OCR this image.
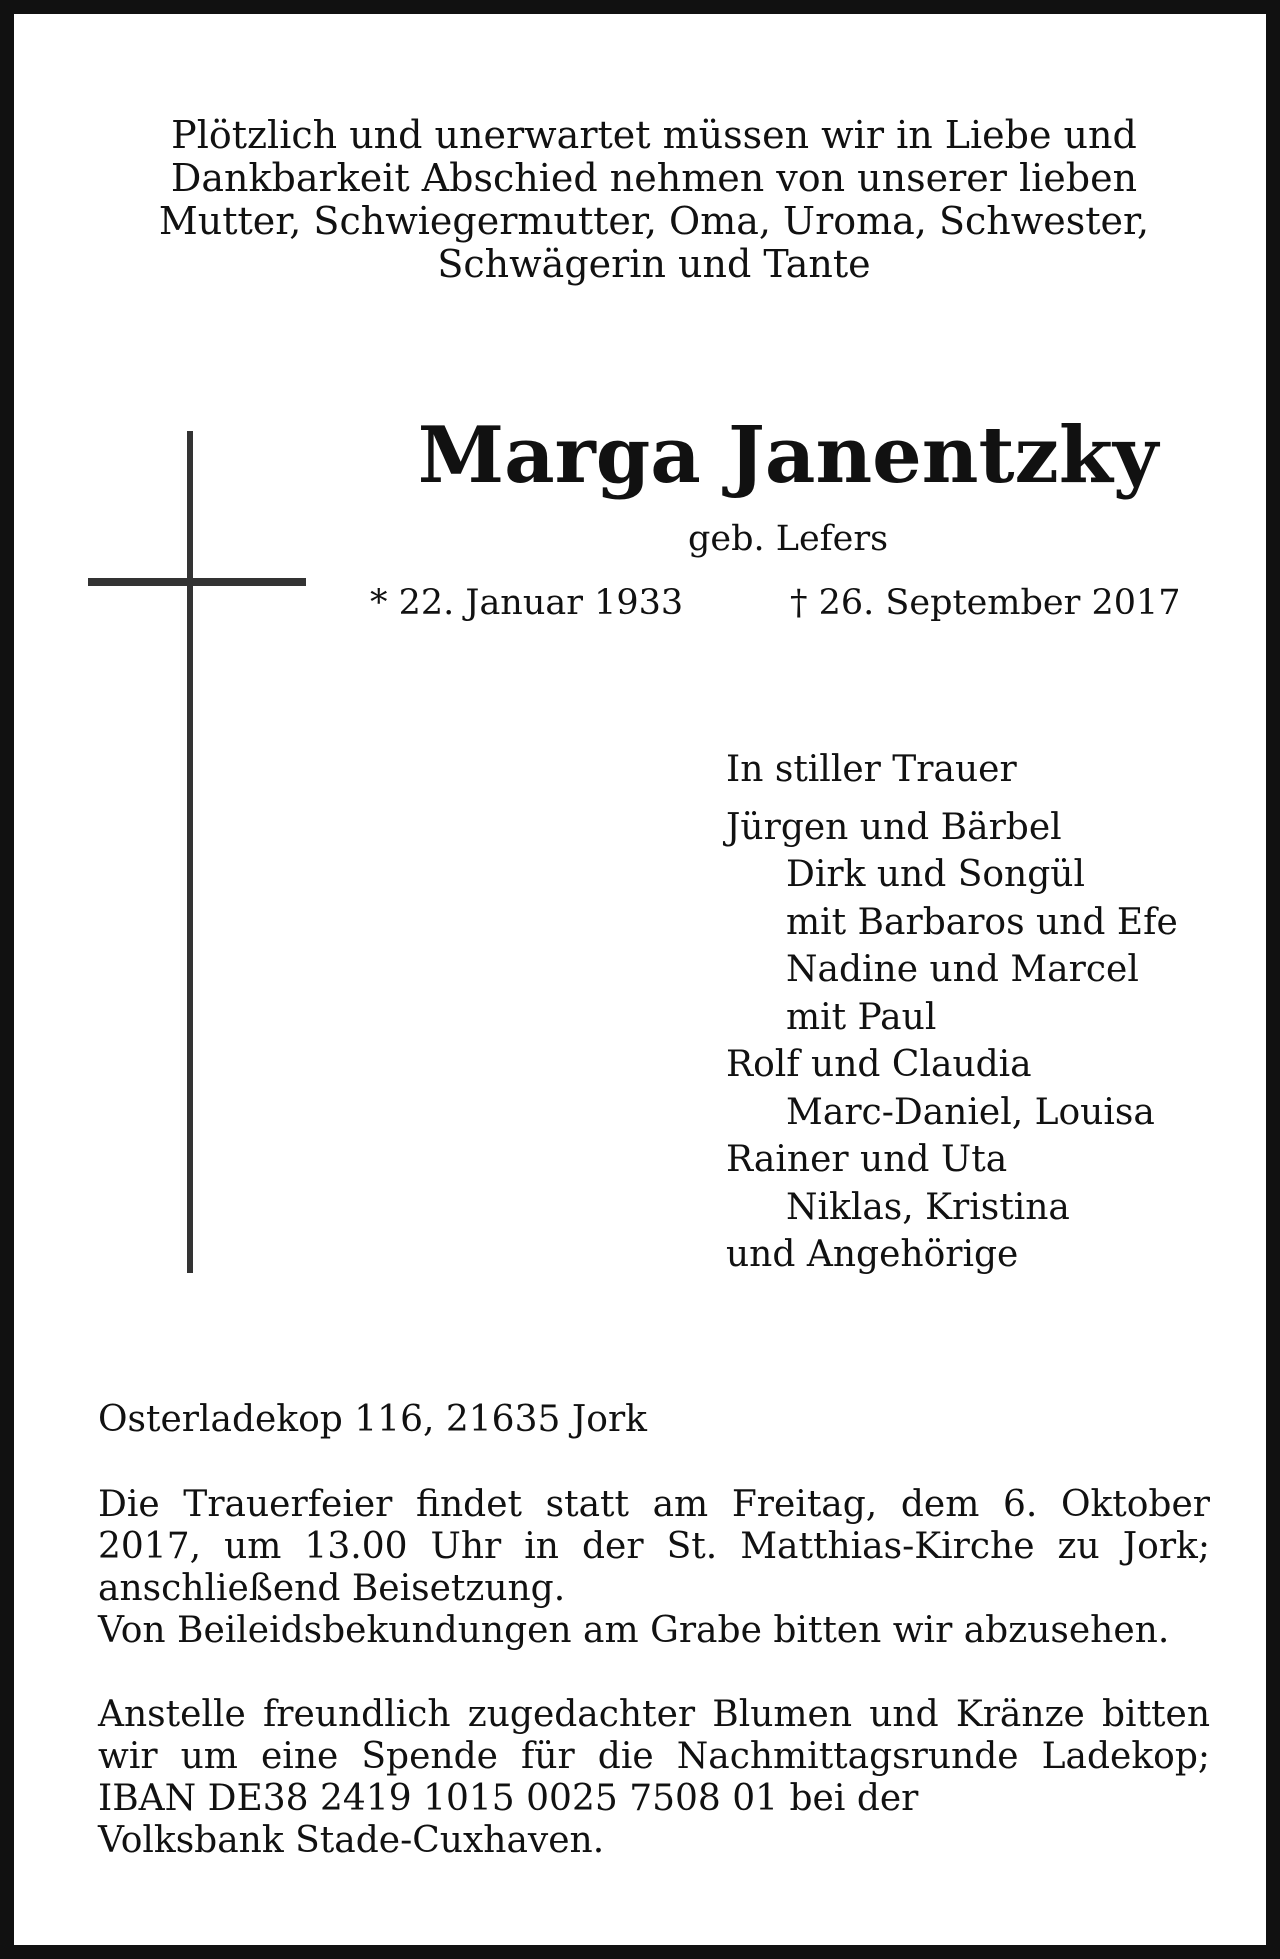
Plötzlich und unerwartet müssen wir in Liebe und
Dankbarkeit Abschied nehmen von unserer lieben
Mutter, Schwiegermutter, Oma, Uroma, Schwester,
Schwägerin und Tante
Marga Janentzky
geb. Lefers
* 22. Januar 1933	† 26. September 2017
In stiller Trauer
Jürgen und Bärbel
Dirk und Songül
mit Barbaros und Efe
Nadine und Marcel
mit Paul
Rolf und Claudia
Marc-Daniel, Louisa
Rainer und Uta
Niklas, Kristina
und Angehörige
Osterladekop 116, 21635 Jork
Die Trauerfeier findet statt am Freitag, dem 6. Oktober
2017, um 13.00 Uhr in der St. Matthias-Kirche zu Jork;
anschließend Beisetzung.
Von Beileidsbekundungen am Grabe bitten wir abzusehen.
Anstelle freundlich zugedachter Blumen und Kränze bitten
wir um eine Spende für die Nachmittagsrunde Ladekop;
IBAN DE38 2419 1015 0025 7508 01 bei der
Volksbank Stade-Cuxhaven.
